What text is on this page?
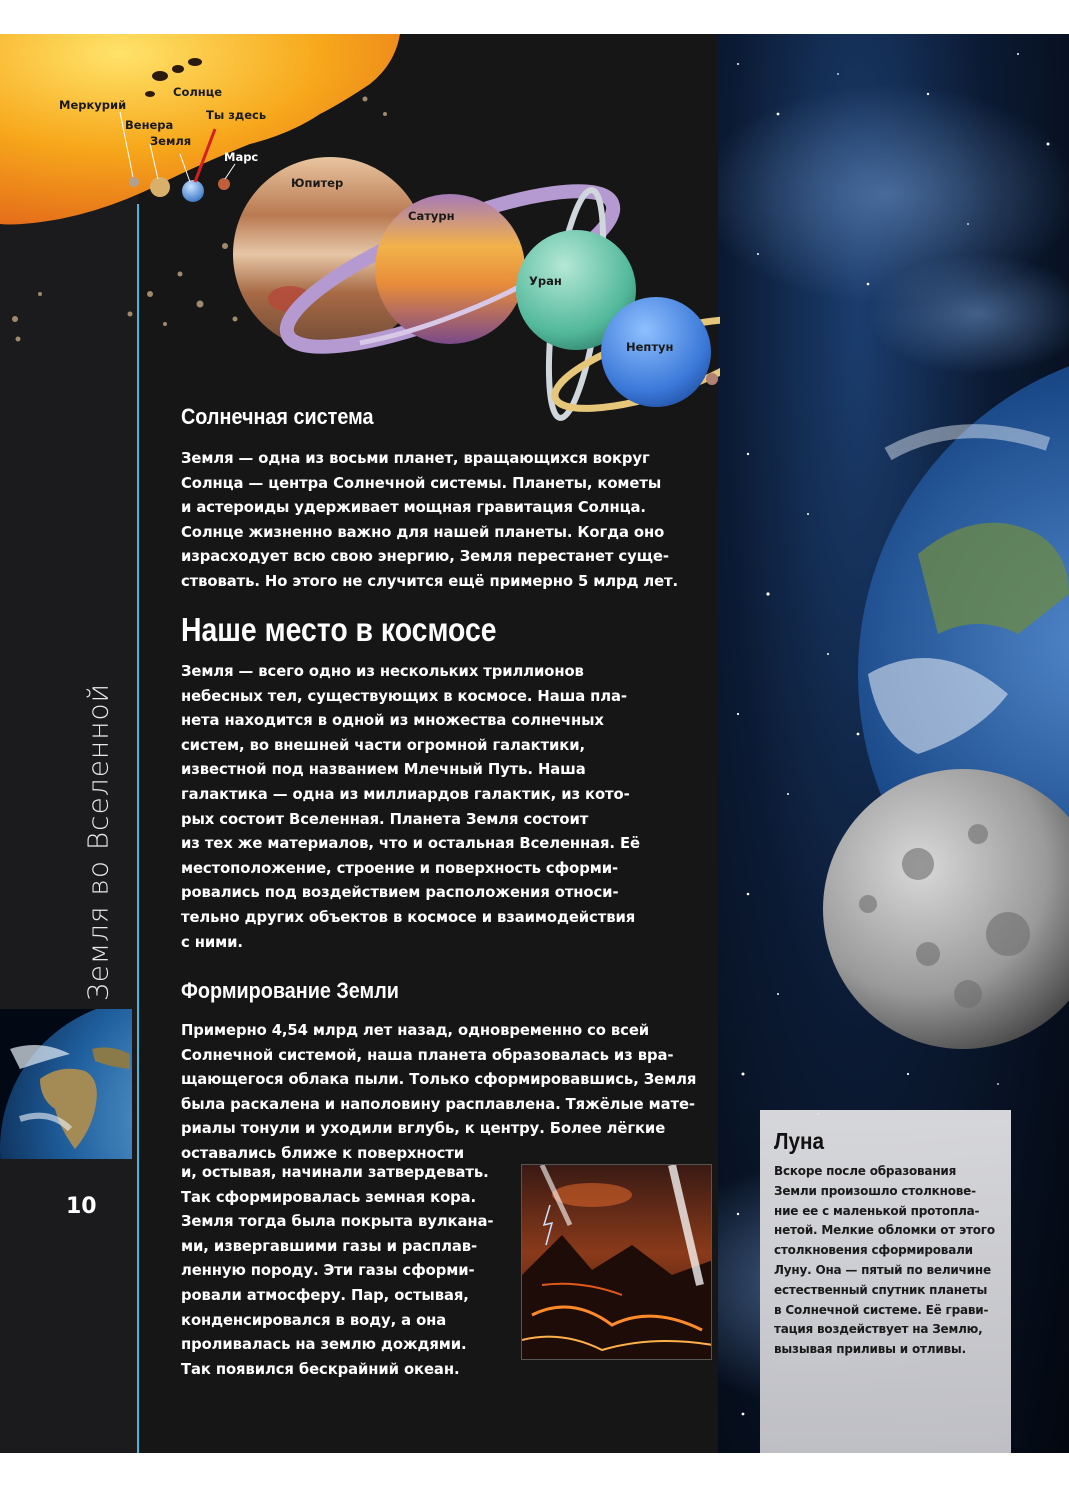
Земля во Вселенной
10
Меркурий
Солнце
Венера
Ты здесь
Земля
Марс
Юпитер
Сатурн
Уран
Нептун
Солнечная система
Земля — одна из восьми планет, вращающихся вокруг
Солнца — центра Солнечной системы. Планеты, кометы
и астероиды удерживает мощная гравитация Солнца.
Солнце жизненно важно для нашей планеты. Когда оно
израсходует всю свою энергию, Земля перестанет суще-
ствовать. Но этого не случится ещё примерно 5 млрд лет.
Наше место в космосе
Земля — всего одно из нескольких триллионов
небесных тел, существующих в космосе. Наша пла-
нета находится в одной из множества солнечных
систем, во внешней части огромной галактики,
известной под названием Млечный Путь. Наша
галактика — одна из миллиардов галактик, из кото-
рых состоит Вселенная. Планета Земля состоит
из тех же материалов, что и остальная Вселенная. Её
местоположение, строение и поверхность сформи-
ровались под воздействием расположения относи-
тельно других объектов в космосе и взаимодействия
с ними.
Формирование Земли
Примерно 4,54 млрд лет назад, одновременно со всей
Солнечной системой, наша планета образовалась из вра-
щающегося облака пыли. Только сформировавшись, Земля
была раскалена и наполовину расплавлена. Тяжёлые мате-
риалы тонули и уходили вглубь, к центру. Более лёгкие
оставались ближе к поверхности
и, остывая, начинали затвердевать.
Так сформировалась земная кора.
Земля тогда была покрыта вулкана-
ми, извергавшими газы и расплав-
ленную породу. Эти газы сформи-
ровали атмосферу. Пар, остывая,
конденсировался в воду, а она
проливалась на землю дождями.
Так появился бескрайний океан.
Луна
Вскоре после образования
Земли произошло столкнове-
ние ее с маленькой протопла-
нетой. Мелкие обломки от этого
столкновения сформировали
Луну. Она — пятый по величине
естественный спутник планеты
в Солнечной системе. Её грави-
тация воздействует на Землю,
вызывая приливы и отливы.
